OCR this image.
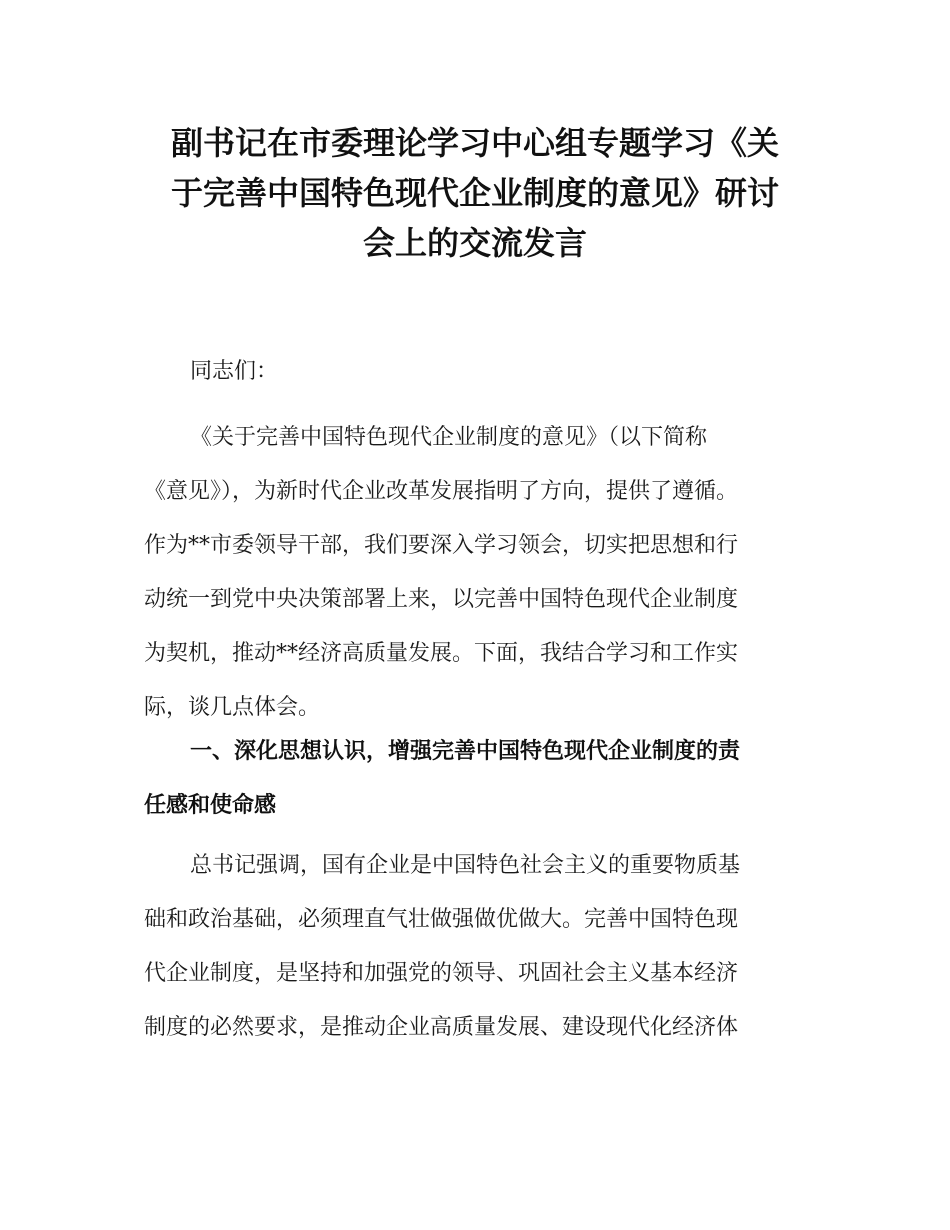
副书记在市委理论学习中心组专题学习《关
于完善中国特色现代企业制度的意见》研讨
会上的交流发言

同志们：

《关于完善中国特色现代企业制度的意见》（以下简称
《意见》），为新时代企业改革发展指明了方向，提供了遵循。
作为**市委领导干部，我们要深入学习领会，切实把思想和行
动统一到党中央决策部署上来，以完善中国特色现代企业制度
为契机，推动**经济高质量发展。下面，我结合学习和工作实
际，谈几点体会。

一、深化思想认识，增强完善中国特色现代企业制度的责
任感和使命感

总书记强调，国有企业是中国特色社会主义的重要物质基
础和政治基础，必须理直气壮做强做优做大。完善中国特色现
代企业制度，是坚持和加强党的领导、巩固社会主义基本经济
制度的必然要求，是推动企业高质量发展、建设现代化经济体
